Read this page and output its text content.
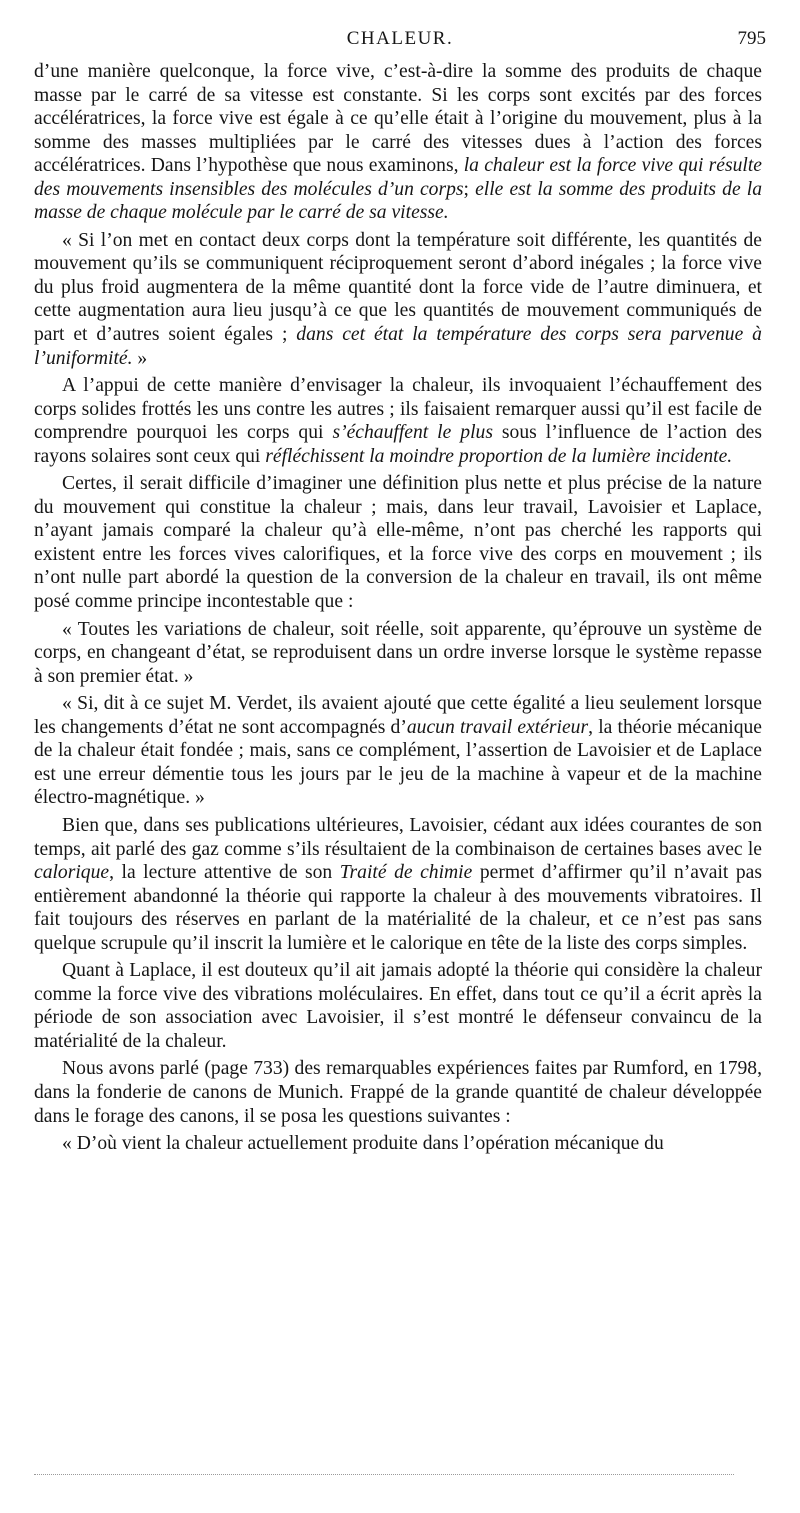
CHALEUR.	795

d’une manière quelconque, la force vive, c’est-à-dire la somme des produits de chaque masse par le carré de sa vitesse est constante. Si les corps sont excités par des forces accélératrices, la force vive est égale à ce qu’elle était à l’origine du mouvement, plus à la somme des masses multipliées par le carré des vitesses dues à l’action des forces accélératrices. Dans l’hypothèse que nous examinons, la chaleur est la force vive qui résulte des mouvements insensibles des molécules d’un corps; elle est la somme des produits de la masse de chaque molécule par le carré de sa vitesse.

« Si l’on met en contact deux corps dont la température soit différente, les quantités de mouvement qu’ils se communiquent réciproquement seront d’abord inégales ; la force vive du plus froid augmentera de la même quantité dont la force vide de l’autre diminuera, et cette augmentation aura lieu jusqu’à ce que les quantités de mouvement communiqués de part et d’autres soient égales ; dans cet état la température des corps sera parvenue à l’uniformité. »

A l’appui de cette manière d’envisager la chaleur, ils invoquaient l’échauffement des corps solides frottés les uns contre les autres ; ils faisaient remarquer aussi qu’il est facile de comprendre pourquoi les corps qui s’échauffent le plus sous l’influence de l’action des rayons solaires sont ceux qui réfléchissent la moindre proportion de la lumière incidente.

Certes, il serait difficile d’imaginer une définition plus nette et plus précise de la nature du mouvement qui constitue la chaleur ; mais, dans leur travail, Lavoisier et Laplace, n’ayant jamais comparé la chaleur qu’à elle-même, n’ont pas cherché les rapports qui existent entre les forces vives calorifiques, et la force vive des corps en mouvement ; ils n’ont nulle part abordé la question de la conversion de la chaleur en travail, ils ont même posé comme principe incontestable que :

« Toutes les variations de chaleur, soit réelle, soit apparente, qu’éprouve un système de corps, en changeant d’état, se reproduisent dans un ordre inverse lorsque le système repasse à son premier état. »

« Si, dit à ce sujet M. Verdet, ils avaient ajouté que cette égalité a lieu seulement lorsque les changements d’état ne sont accompagnés d’aucun travail extérieur, la théorie mécanique de la chaleur était fondée ; mais, sans ce complément, l’assertion de Lavoisier et de Laplace est une erreur démentie tous les jours par le jeu de la machine à vapeur et de la machine électro-magnétique. »

Bien que, dans ses publications ultérieures, Lavoisier, cédant aux idées courantes de son temps, ait parlé des gaz comme s’ils résultaient de la combinaison de certaines bases avec le calorique, la lecture attentive de son Traité de chimie permet d’affirmer qu’il n’avait pas entièrement abandonné la théorie qui rapporte la chaleur à des mouvements vibratoires. Il fait toujours des réserves en parlant de la matérialité de la chaleur, et ce n’est pas sans quelque scrupule qu’il inscrit la lumière et le calorique en tête de la liste des corps simples.

Quant à Laplace, il est douteux qu’il ait jamais adopté la théorie qui considère la chaleur comme la force vive des vibrations moléculaires. En effet, dans tout ce qu’il a écrit après la période de son association avec Lavoisier, il s’est montré le défenseur convaincu de la matérialité de la chaleur.

Nous avons parlé (page 733) des remarquables expériences faites par Rumford, en 1798, dans la fonderie de canons de Munich. Frappé de la grande quantité de chaleur développée dans le forage des canons, il se posa les questions suivantes :

« D’où vient la chaleur actuellement produite dans l’opération mécanique du
